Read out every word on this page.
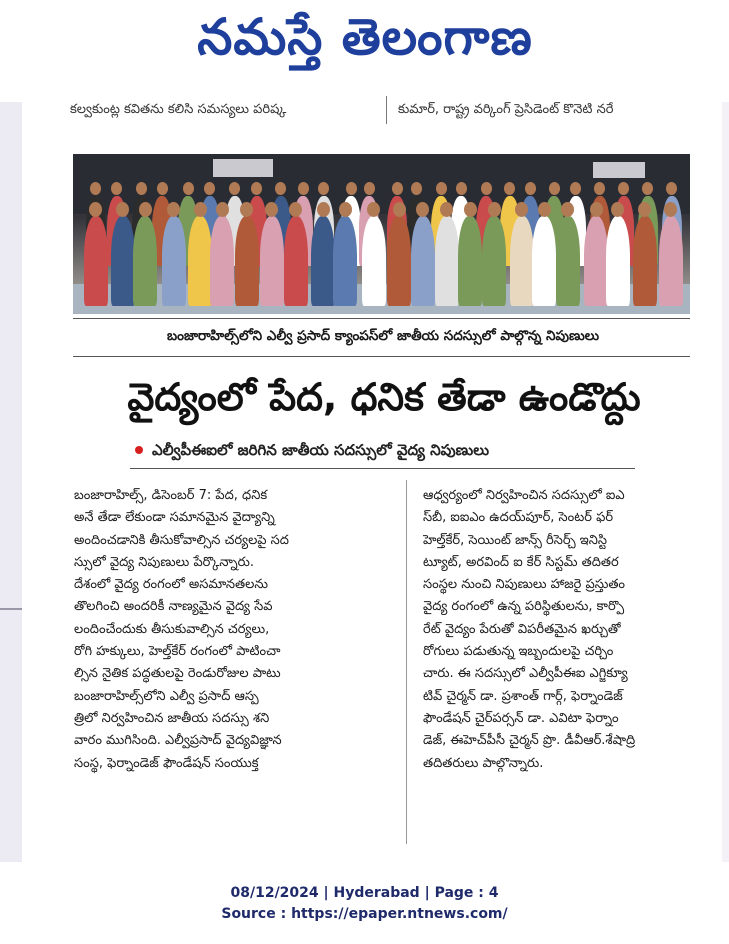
నమస్తే తెలంగాణ
కల్వకుంట్ల కవితను కలిసి సమస్యలు పరిష్క	కుమార్, రాష్ట్ర వర్కింగ్ ప్రెసిడెంట్ కొనెటి నరే
బంజారాహిల్స్‌లోని ఎల్వీ ప్రసాద్ క్యాంపస్‌లో జాతీయ సదస్సులో పాల్గొన్న నిపుణులు
వైద్యంలో పేద, ధనిక తేడా ఉండొద్దు
ఎల్వీపీఈఐలో జరిగిన జాతీయ సదస్సులో వైద్య నిపుణులు
బంజారాహిల్స్, డిసెంబర్ 7: పేద, ధనిక
అనే తేడా లేకుండా సమానమైన వైద్యాన్ని
అందించడానికి తీసుకోవాల్సిన చర్యలపై సద
స్సులో వైద్య నిపుణులు పేర్కొన్నారు.
దేశంలో వైద్య రంగంలో అసమానతలను
తొలగించి అందరికీ నాణ్యమైన వైద్య సేవ
లందించేందుకు తీసుకువాల్సిన చర్యలు,
రోగి హక్కులు, హెల్త్‌కేర్ రంగంలో పాటించా
ల్సిన నైతిక పద్ధతులపై రెండురోజుల పాటు
బంజారాహిల్స్‌లోని ఎల్వీ ప్రసాద్ ఆస్ప
త్రిలో నిర్వహించిన జాతీయ సదస్సు శని
వారం ముగిసింది. ఎల్వీప్రసాద్ వైద్యవిజ్ఞాన
సంస్థ, ఫెర్నాండెజ్ ఫౌండేషన్ సంయుక్త
ఆధ్వర్యంలో నిర్వహించిన సదస్సులో ఐఎ
స్‌బీ, ఐఐఎం ఉదయ్‌పూర్, సెంటర్ ఫర్
హెల్త్‌కేర్, సెయింట్ జాన్స్ రీసెర్చ్ ఇనిస్టి
ట్యూట్, అరవింద్ ఐ కేర్ సిస్టమ్ తదితర
సంస్థల నుంచి నిపుణులు హాజరై ప్రస్తుతం
వైద్య రంగంలో ఉన్న పరిస్థితులను, కార్పొ
రేట్ వైద్యం పేరుతో విపరీతమైన ఖర్చుతో
రోగులు పడుతున్న ఇబ్బందులపై చర్చిం
చారు. ఈ సదస్సులో ఎల్వీపీఈఐ ఎగ్జిక్యూ
టివ్ చైర్మన్ డా. ప్రశాంత్ గార్గ్, ఫెర్నాండెజ్
ఫౌండేషన్ చైర్‌పర్సన్ డా. ఎవిటా ఫెర్నాం
డెజ్, ఈహెచ్‌పీసీ చైర్మన్ ప్రొ. డీవీఆర్.శేషాద్రి
తదితరులు పాల్గొన్నారు.
08/12/2024 | Hyderabad | Page : 4
Source : https://epaper.ntnews.com/
